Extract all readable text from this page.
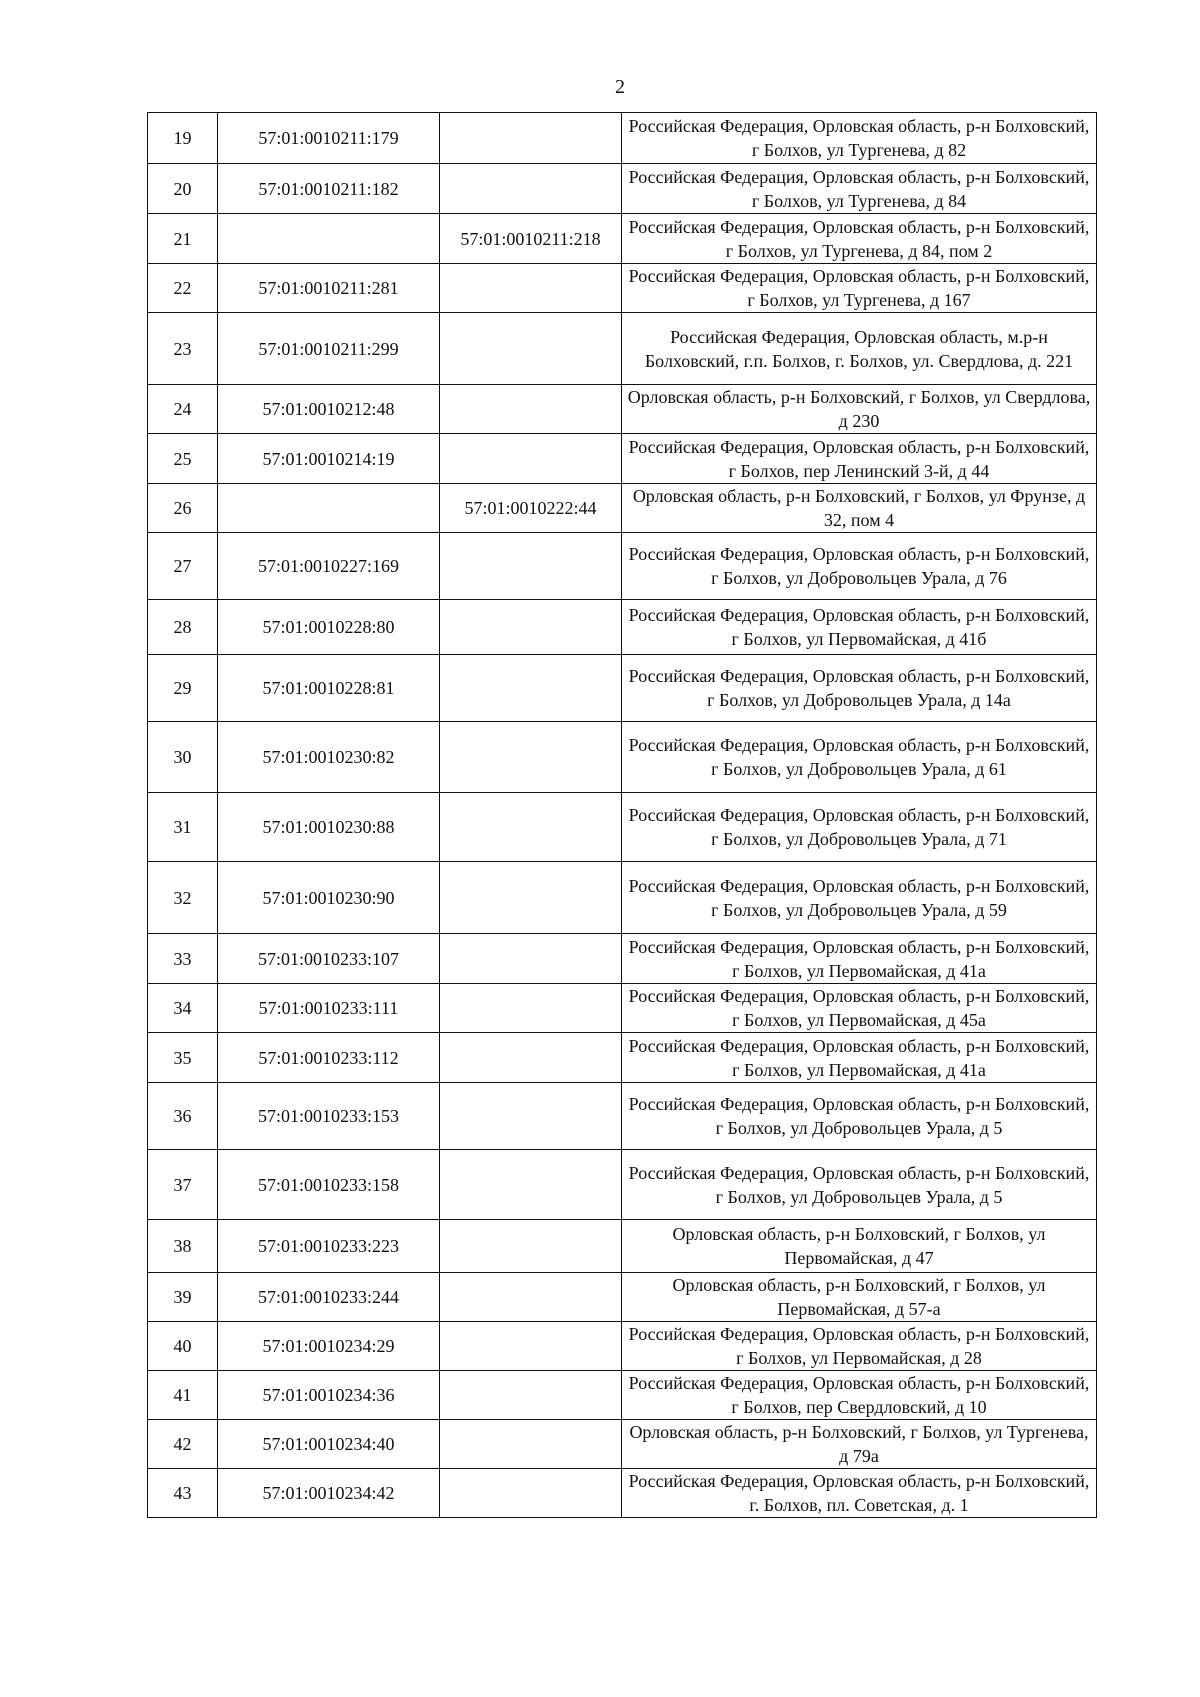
2
19	57:01:0010211:179		Российская Федерация, Орловская область, р-н Болховский, г Болхов, ул Тургенева, д 82
20	57:01:0010211:182		Российская Федерация, Орловская область, р-н Болховский, г Болхов, ул Тургенева, д 84
21		57:01:0010211:218	Российская Федерация, Орловская область, р-н Болховский, г Болхов, ул Тургенева, д 84, пом 2
22	57:01:0010211:281		Российская Федерация, Орловская область, р-н Болховский, г Болхов, ул Тургенева, д 167
23	57:01:0010211:299		Российская Федерация, Орловская область, м.р-н Болховский, г.п. Болхов, г. Болхов, ул. Свердлова, д. 221
24	57:01:0010212:48		Орловская область, р-н Болховский, г Болхов, ул Свердлова, д 230
25	57:01:0010214:19		Российская Федерация, Орловская область, р-н Болховский, г Болхов, пер Ленинский 3-й, д 44
26		57:01:0010222:44	Орловская область, р-н Болховский, г Болхов, ул Фрунзе, д 32, пом 4
27	57:01:0010227:169		Российская Федерация, Орловская область, р-н Болховский, г Болхов, ул Добровольцев Урала, д 76
28	57:01:0010228:80		Российская Федерация, Орловская область, р-н Болховский, г Болхов, ул Первомайская, д 41б
29	57:01:0010228:81		Российская Федерация, Орловская область, р-н Болховский, г Болхов, ул Добровольцев Урала, д 14а
30	57:01:0010230:82		Российская Федерация, Орловская область, р-н Болховский, г Болхов, ул Добровольцев Урала, д 61
31	57:01:0010230:88		Российская Федерация, Орловская область, р-н Болховский, г Болхов, ул Добровольцев Урала, д 71
32	57:01:0010230:90		Российская Федерация, Орловская область, р-н Болховский, г Болхов, ул Добровольцев Урала, д 59
33	57:01:0010233:107		Российская Федерация, Орловская область, р-н Болховский, г Болхов, ул Первомайская, д 41а
34	57:01:0010233:111		Российская Федерация, Орловская область, р-н Болховский, г Болхов, ул Первомайская, д 45а
35	57:01:0010233:112		Российская Федерация, Орловская область, р-н Болховский, г Болхов, ул Первомайская, д 41а
36	57:01:0010233:153		Российская Федерация, Орловская область, р-н Болховский, г Болхов, ул Добровольцев Урала, д 5
37	57:01:0010233:158		Российская Федерация, Орловская область, р-н Болховский, г Болхов, ул Добровольцев Урала, д 5
38	57:01:0010233:223		Орловская область, р-н Болховский, г Болхов, ул Первомайская, д 47
39	57:01:0010233:244		Орловская область, р-н Болховский, г Болхов, ул Первомайская, д 57-а
40	57:01:0010234:29		Российская Федерация, Орловская область, р-н Болховский, г Болхов, ул Первомайская, д 28
41	57:01:0010234:36		Российская Федерация, Орловская область, р-н Болховский, г Болхов, пер Свердловский, д 10
42	57:01:0010234:40		Орловская область, р-н Болховский, г Болхов, ул Тургенева, д 79а
43	57:01:0010234:42		Российская Федерация, Орловская область, р-н Болховский, г. Болхов, пл. Советская, д. 1
